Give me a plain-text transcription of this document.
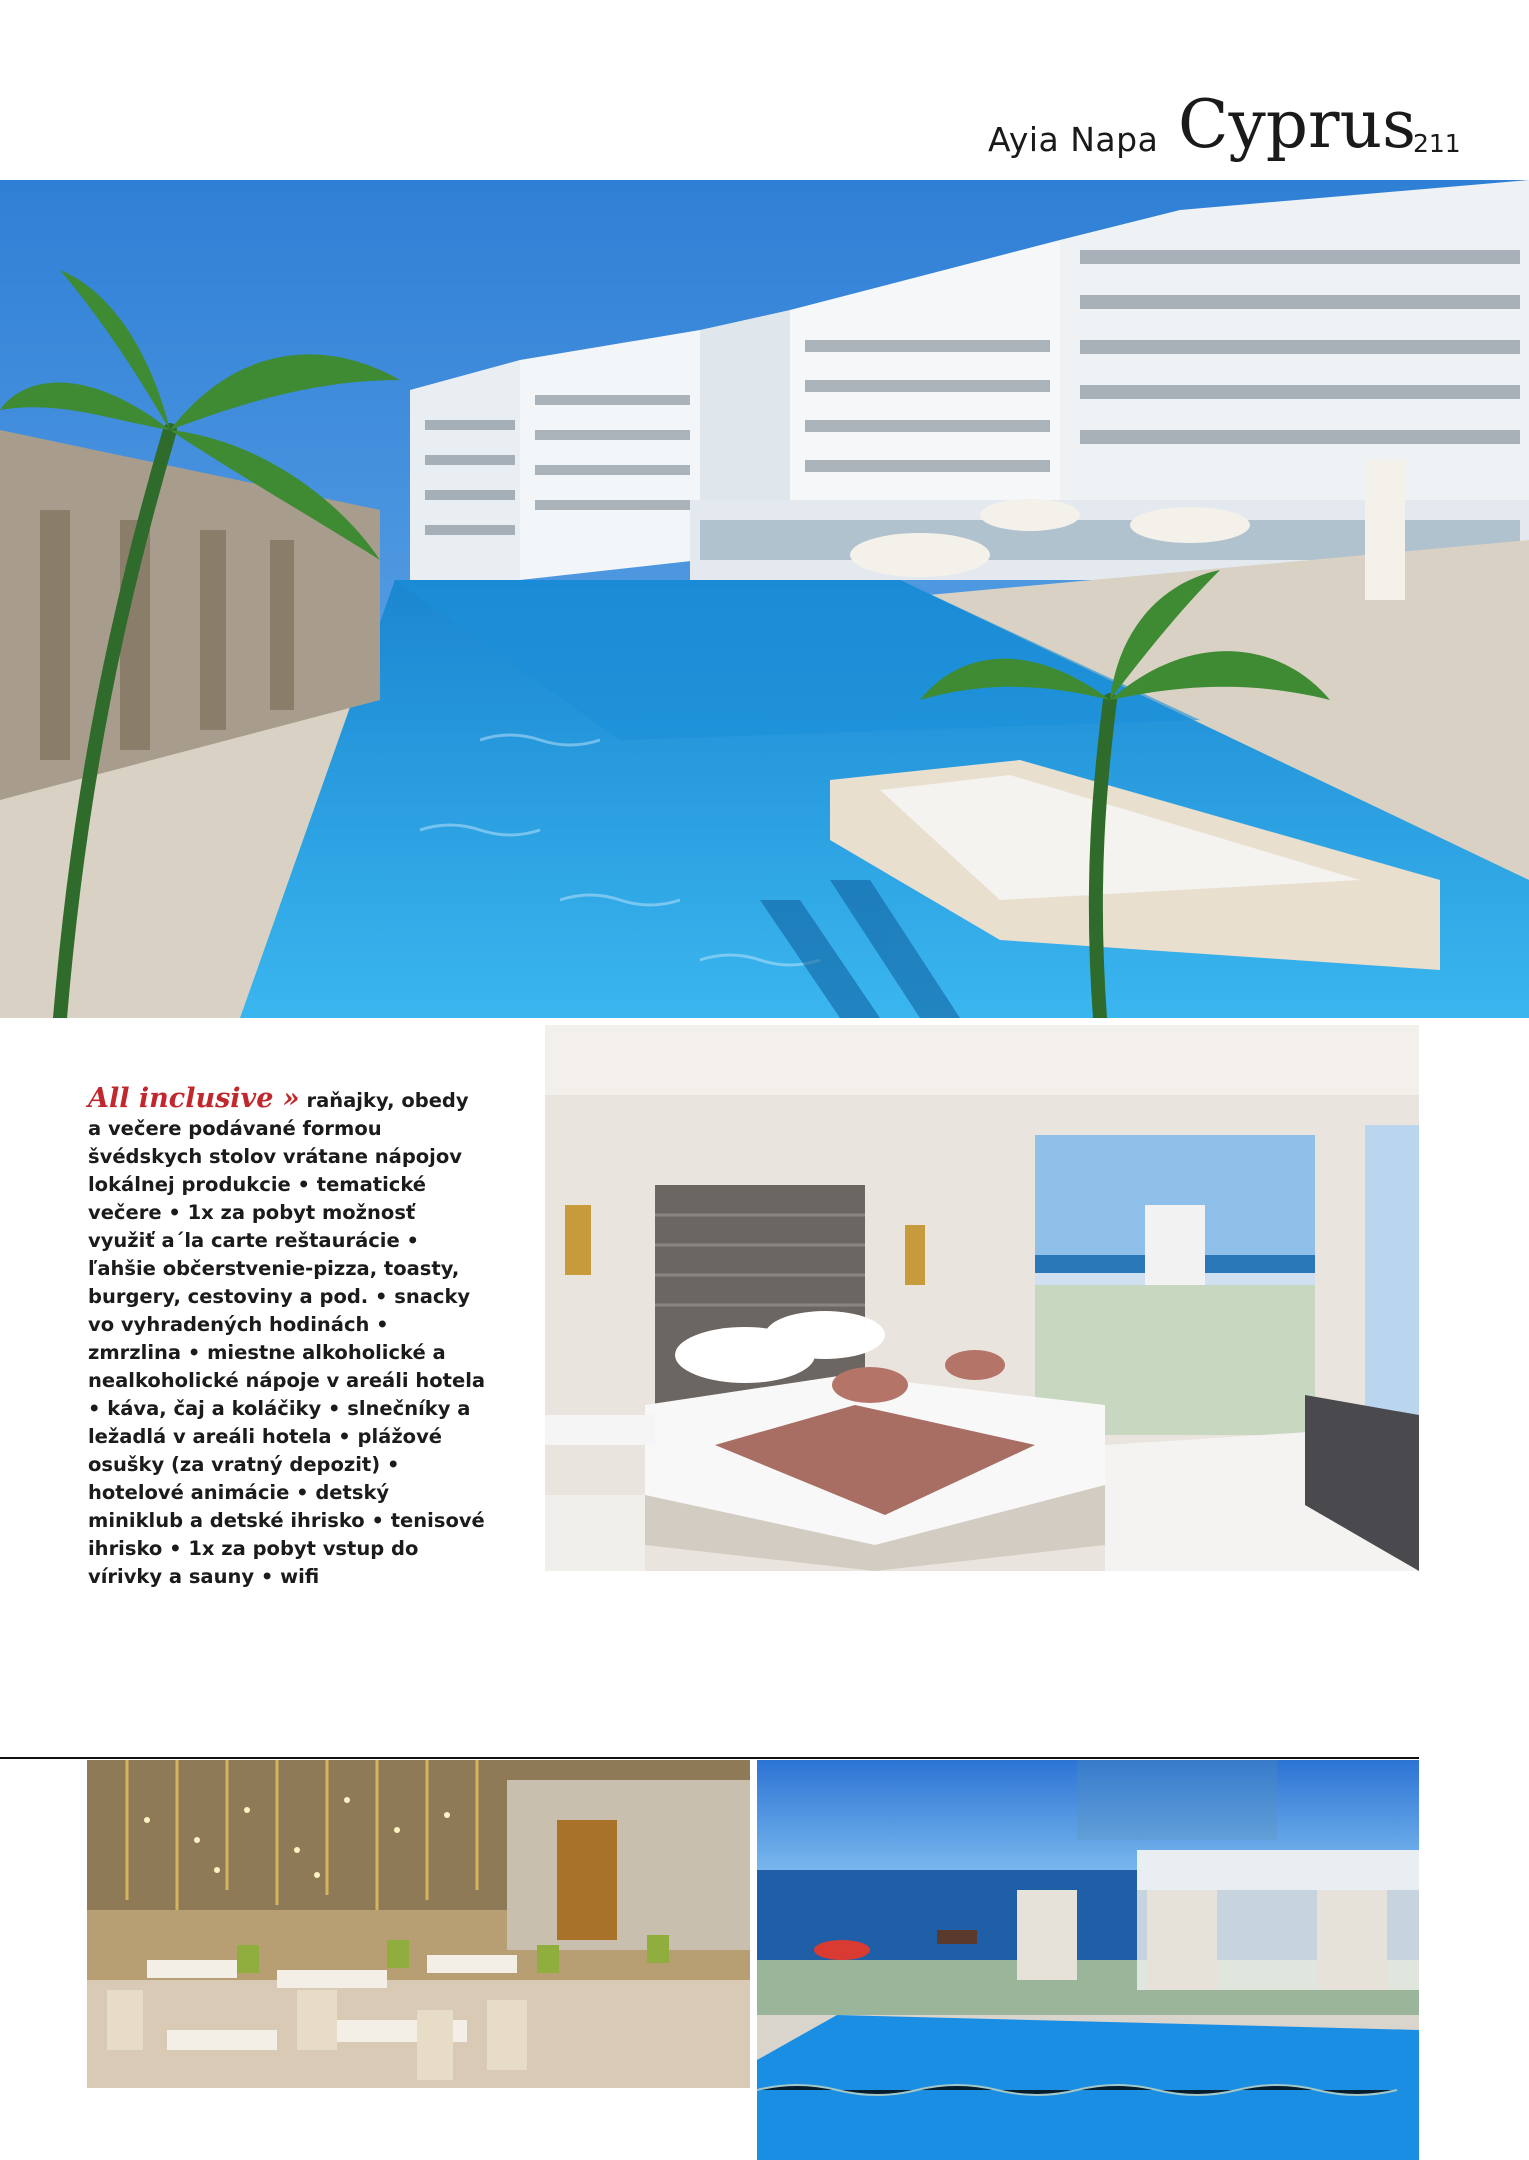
Ayia Napa Cyprus
211

All inclusive » raňajky, obedy a večere podávané formou švédskych stolov vrátane nápojov lokálnej produkcie • tematické večere • 1x za pobyt možnosť využiť a´la carte reštaurácie • ľahšie občerstvenie-pizza, toasty, burgery, cestoviny a pod. • snacky vo vyhradených hodinách • zmrzlina • miestne alkoholické a nealkoholické nápoje v areáli hotela • káva, čaj a koláčiky • slnečníky a ležadlá v areáli hotela • plážové osušky (za vratný depozit) • hotelové animácie • detský miniklub a detské ihrisko • tenisové ihrisko • 1x za pobyt vstup do vírivky a sauny • wifi
